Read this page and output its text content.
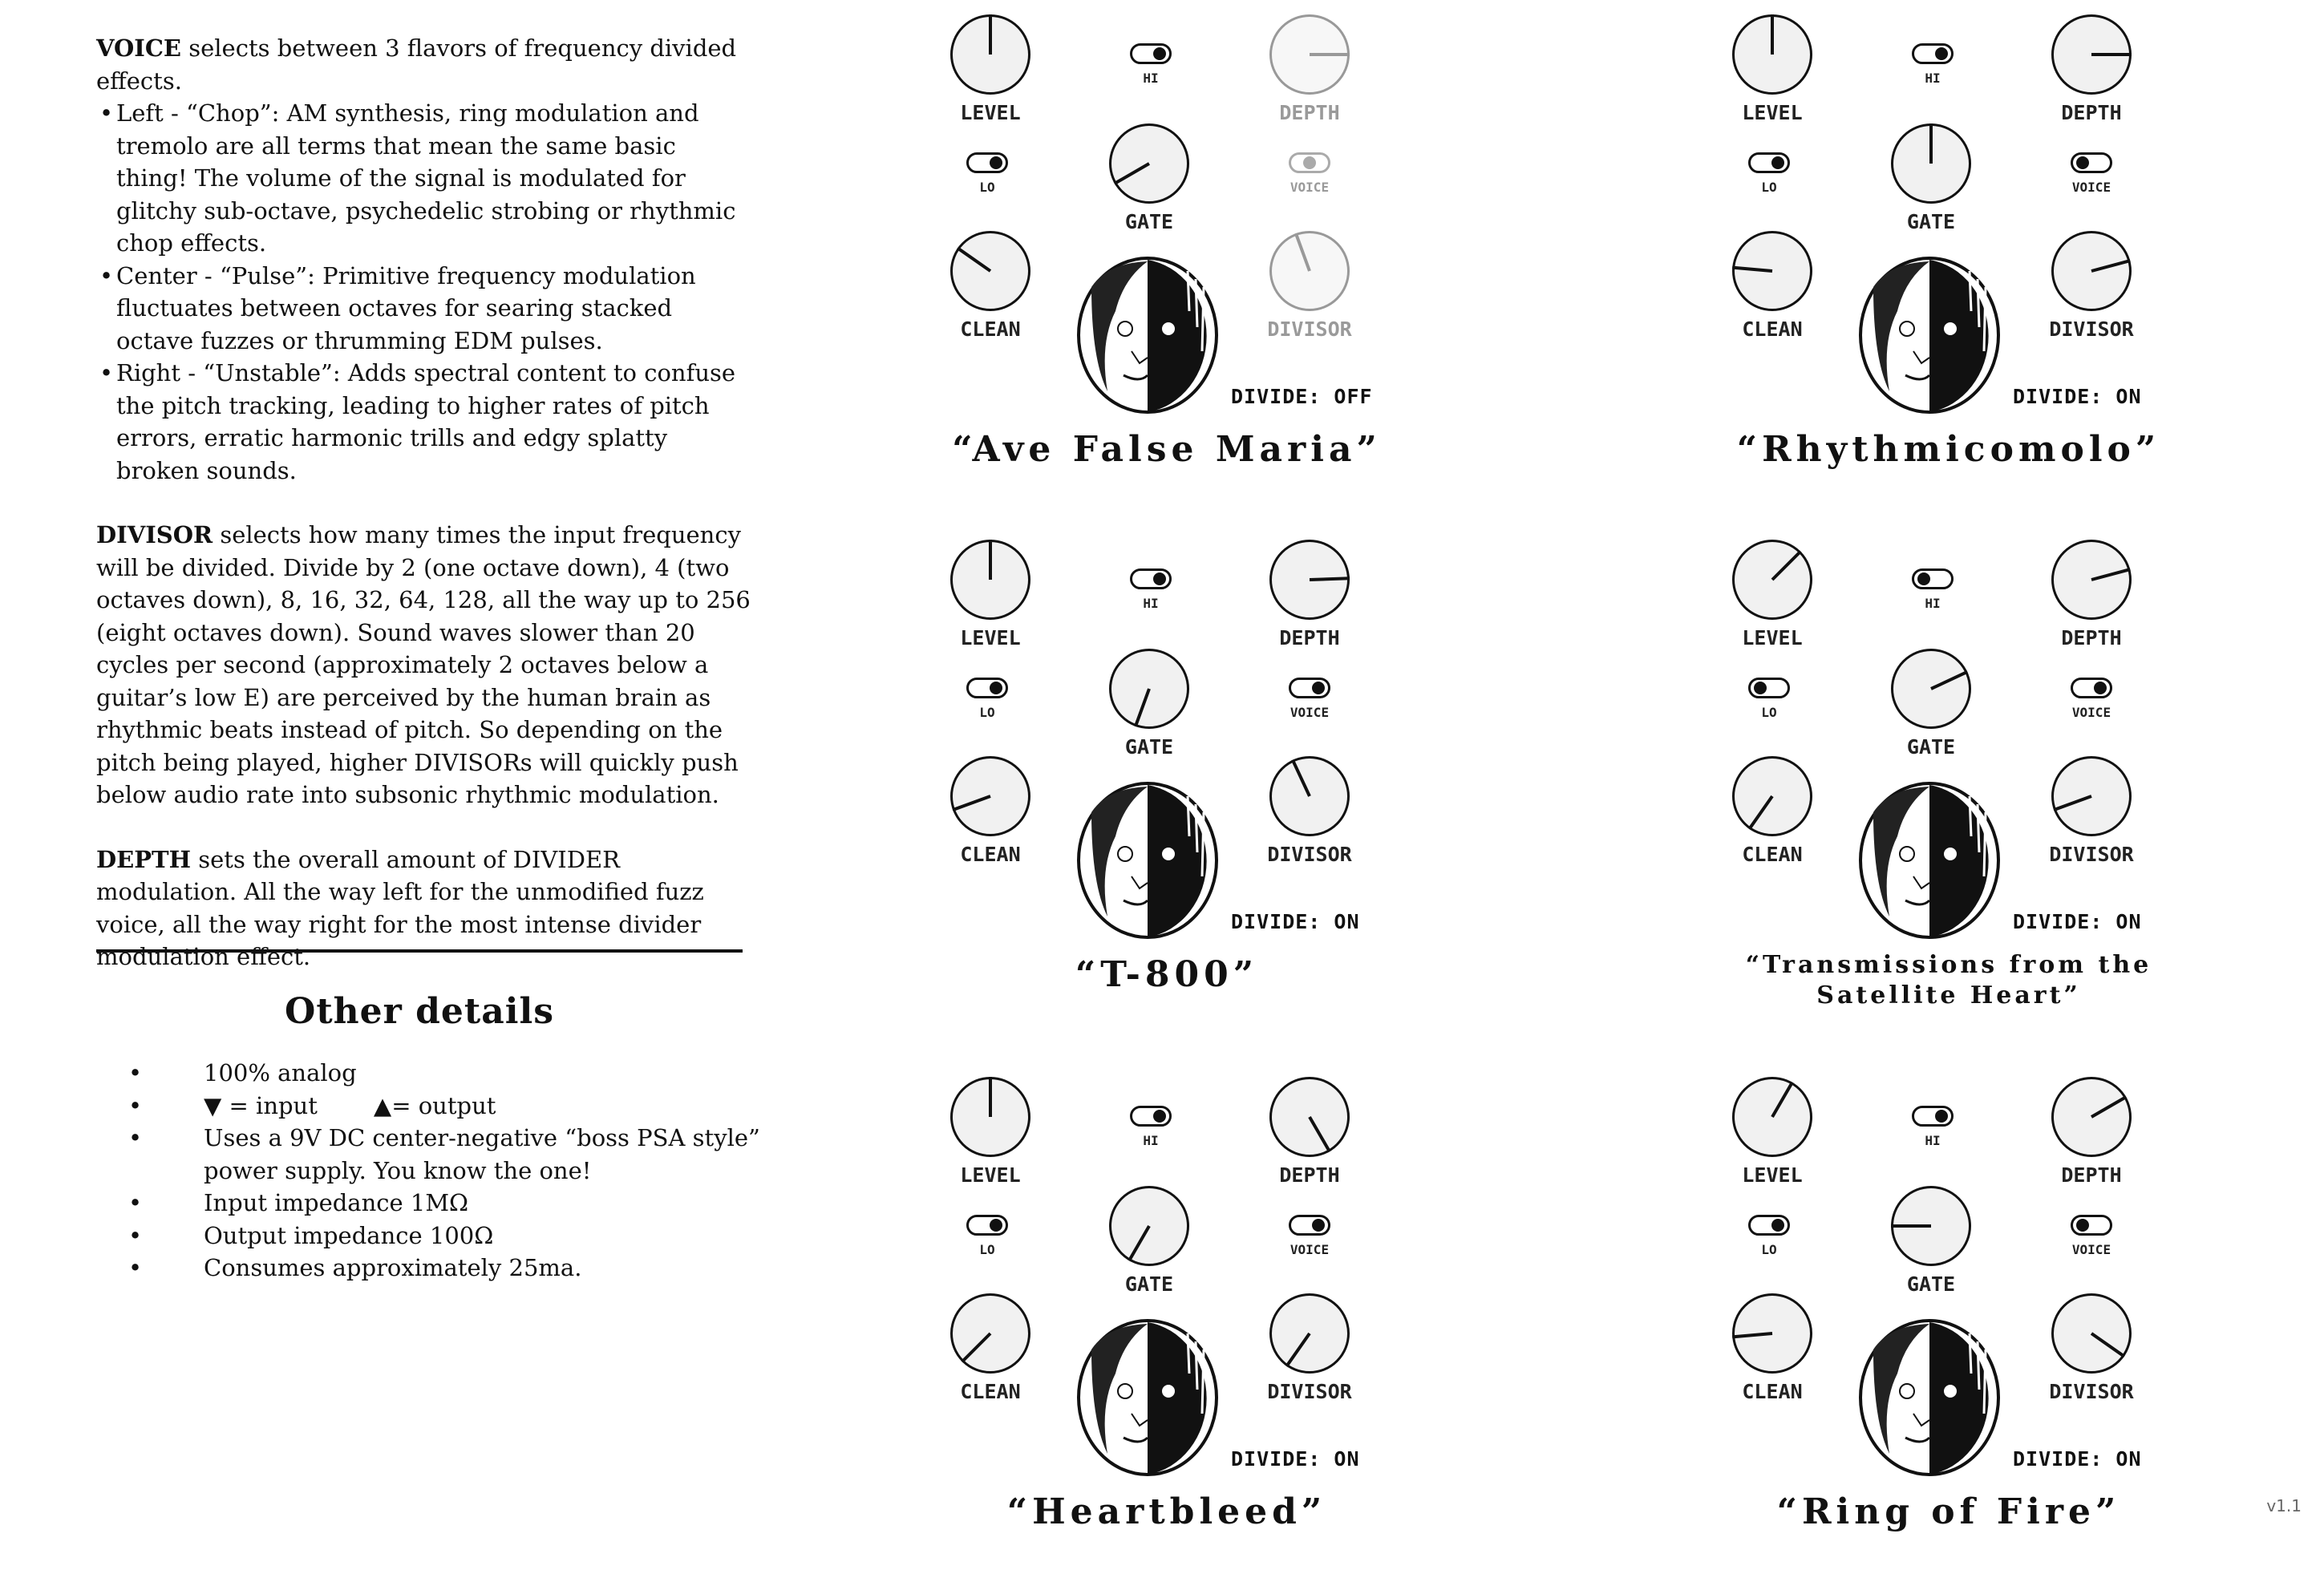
VOICE selects between 3 flavors of frequency divided effects.

• Left - “Chop”: AM synthesis, ring modulation and tremolo are all terms that mean the same basic thing! The volume of the signal is modulated for glitchy sub-octave, psychedelic strobing or rhythmic chop effects.
• Center - “Pulse”: Primitive frequency modulation fluctuates between octaves for searing stacked octave fuzzes or thrumming EDM pulses.
• Right - “Unstable”: Adds spectral content to confuse the pitch tracking, leading to higher rates of pitch errors, erratic harmonic trills and edgy splatty broken sounds.

DIVISOR selects how many times the input frequency will be divided. Divide by 2 (one octave down), 4 (two octaves down), 8, 16, 32, 64, 128, all the way up to 256 (eight octaves down). Sound waves slower than 20 cycles per second (approximately 2 octaves below a guitar’s low E) are perceived by the human brain as rhythmic beats instead of pitch. So depending on the pitch being played, higher DIVISORs will quickly push below audio rate into subsonic rhythmic modulation.

DEPTH sets the overall amount of DIVIDER modulation. All the way left for the unmodified fuzz voice, all the way right for the most intense divider modulation effect.

Other details
•	100% analog
•	▼ = input ▲= output
•	Uses a 9V DC center-negative “boss PSA style” power supply. You know the one!
•	Input impedance 1MΩ
•	Output impedance 100Ω
•	Consumes approximately 25ma.
LEVEL
HI
DEPTH
LO
GATE
VOICE
CLEAN	DIVISOR
DIVIDE: OFF
“Ave False Maria”
LEVEL
HI
DEPTH
LO
GATE
VOICE
CLEAN	DIVISOR
DIVIDE: ON
“Rhythmicomolo”
LEVEL
HI
DEPTH
LO
GATE
VOICE
CLEAN	DIVISOR
DIVIDE: ON
“T-800”
LEVEL
HI
DEPTH
LO
GATE
VOICE
CLEAN	DIVISOR
DIVIDE: ON
“Transmissions from the Satellite Heart”
LEVEL
HI
DEPTH
LO
GATE
VOICE
CLEAN	DIVISOR
DIVIDE: ON
“Heartbleed”
LEVEL
HI
DEPTH
LO
GATE
VOICE
CLEAN	DIVISOR
DIVIDE: ON
“Ring of Fire”	v1.1
